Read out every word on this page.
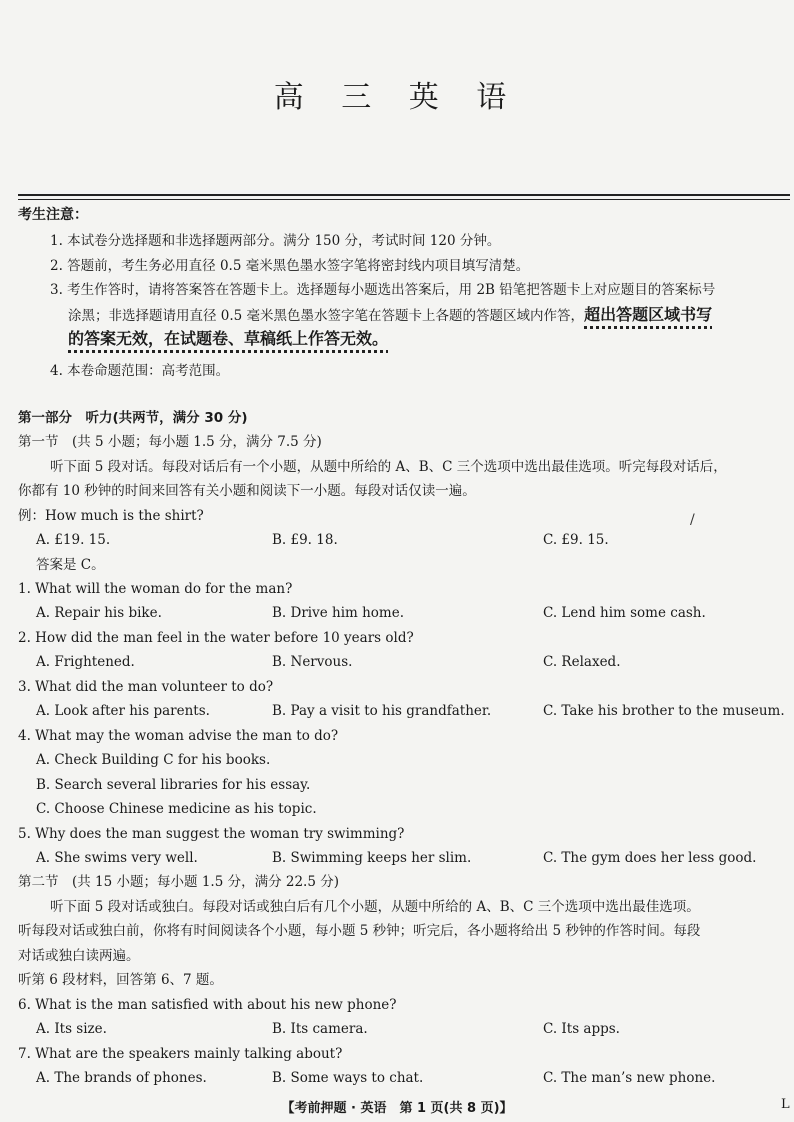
高 三 英 语
考生注意：
1. 本试卷分选择题和非选择题两部分。满分 150 分，考试时间 120 分钟。
2. 答题前，考生务必用直径 0.5 毫米黑色墨水签字笔将密封线内项目填写清楚。
3. 考生作答时，请将答案答在答题卡上。选择题每小题选出答案后，用 2B 铅笔把答题卡上对应题目的答案标号
涂黑；非选择题请用直径 0.5 毫米黑色墨水签字笔在答题卡上各题的答题区域内作答，超出答题区域书写
的答案无效，在试题卷、草稿纸上作答无效。
4. 本卷命题范围：高考范围。
第一部分　听力(共两节，满分 30 分)
第一节　(共 5 小题；每小题 1.5 分，满分 7.5 分)
听下面 5 段对话。每段对话后有一个小题，从题中所给的 A、B、C 三个选项中选出最佳选项。听完每段对话后，
你都有 10 秒钟的时间来回答有关小题和阅读下一小题。每段对话仅读一遍。
例：How much is the shirt?	/
A. £19. 15.	B. £9. 18.	C. £9. 15.
答案是 C。
1. What will the woman do for the man?
A. Repair his bike.	B. Drive him home.	C. Lend him some cash.
2. How did the man feel in the water before 10 years old?
A. Frightened.	B. Nervous.	C. Relaxed.
3. What did the man volunteer to do?
A. Look after his parents.	B. Pay a visit to his grandfather.	C. Take his brother to the museum.
4. What may the woman advise the man to do?
A. Check Building C for his books.
B. Search several libraries for his essay.
C. Choose Chinese medicine as his topic.
5. Why does the man suggest the woman try swimming?
A. She swims very well.	B. Swimming keeps her slim.	C. The gym does her less good.
第二节　(共 15 小题；每小题 1.5 分，满分 22.5 分)
听下面 5 段对话或独白。每段对话或独白后有几个小题，从题中所给的 A、B、C 三个选项中选出最佳选项。
听每段对话或独白前，你将有时间阅读各个小题，每小题 5 秒钟；听完后，各小题将给出 5 秒钟的作答时间。每段
对话或独白读两遍。
听第 6 段材料，回答第 6、7 题。
6. What is the man satisfied with about his new phone?
A. Its size.	B. Its camera.	C. Its apps.
7. What are the speakers mainly talking about?
A. The brands of phones.	B. Some ways to chat.	C. The man’s new phone.
【考前押题 · 英语　第 1 页(共 8 页)】	L
